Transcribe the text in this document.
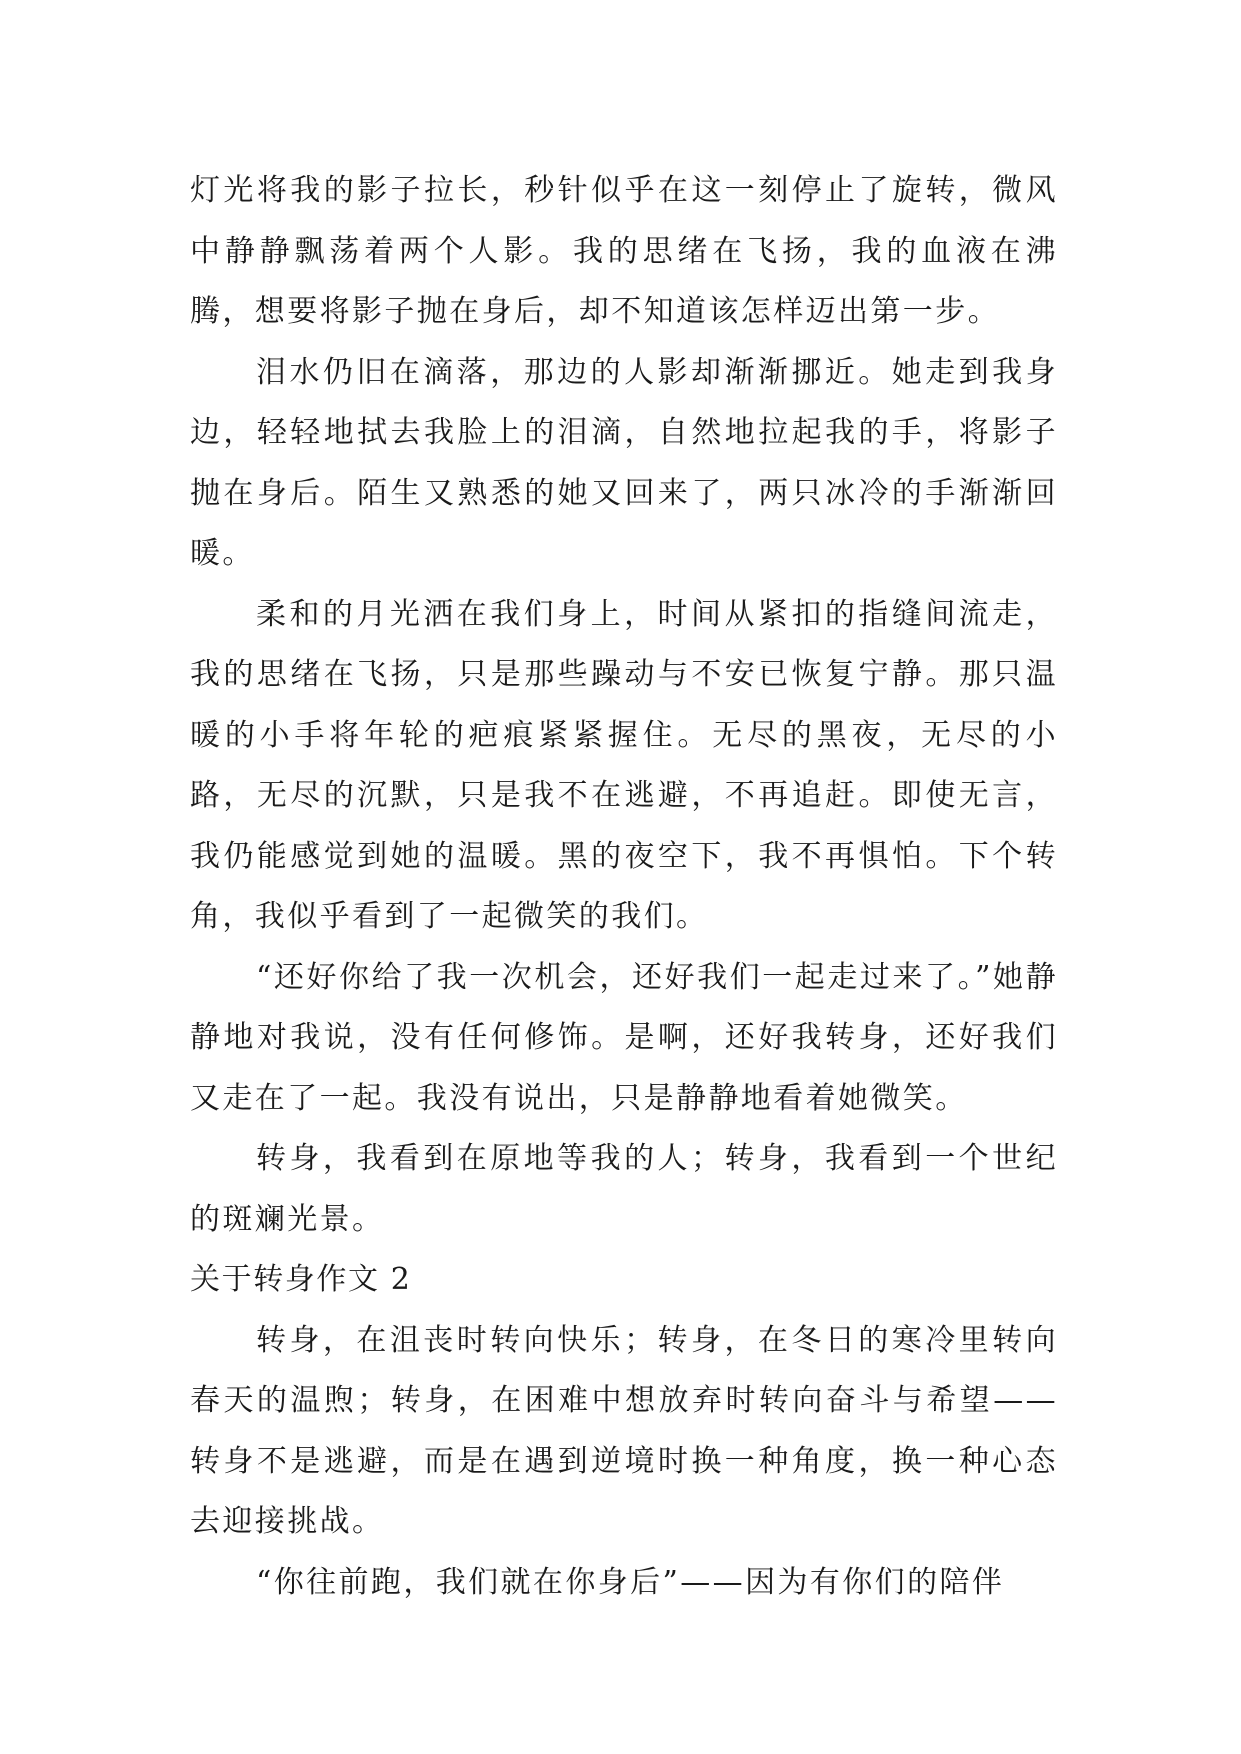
灯光将我的影子拉长，秒针似乎在这一刻停止了旋转，微风中静静飘荡着两个人影。我的思绪在飞扬，我的血液在沸腾，想要将影子抛在身后，却不知道该怎样迈出第一步。

泪水仍旧在滴落，那边的人影却渐渐挪近。她走到我身边，轻轻地拭去我脸上的泪滴，自然地拉起我的手，将影子抛在身后。陌生又熟悉的她又回来了，两只冰冷的手渐渐回暖。

柔和的月光洒在我们身上，时间从紧扣的指缝间流走，我的思绪在飞扬，只是那些躁动与不安已恢复宁静。那只温暖的小手将年轮的疤痕紧紧握住。无尽的黑夜，无尽的小路，无尽的沉默，只是我不在逃避，不再追赶。即使无言，我仍能感觉到她的温暖。黑的夜空下，我不再惧怕。下个转角，我似乎看到了一起微笑的我们。

“还好你给了我一次机会，还好我们一起走过来了。”她静静地对我说，没有任何修饰。是啊，还好我转身，还好我们又走在了一起。我没有说出，只是静静地看着她微笑。

转身，我看到在原地等我的人；转身，我看到一个世纪的斑斓光景。

关于转身作文 2

转身，在沮丧时转向快乐；转身，在冬日的寒冷里转向春天的温煦；转身，在困难中想放弃时转向奋斗与希望——转身不是逃避，而是在遇到逆境时换一种角度，换一种心态去迎接挑战。

“你往前跑，我们就在你身后”——因为有你们的陪伴
